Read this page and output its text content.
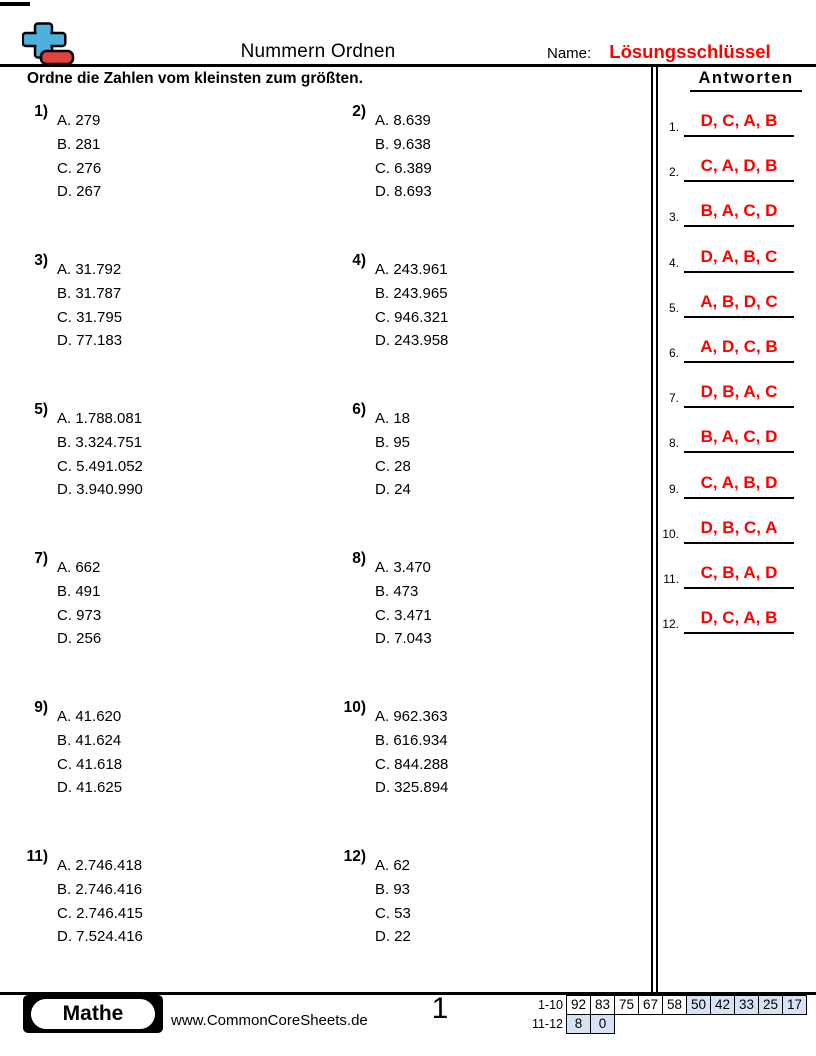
Nummern Ordnen	Name: Lösungsschlüssel
Ordne die Zahlen vom kleinsten zum größten.
1)
A. 279
B. 281
C. 276
D. 267
2)
A. 8.639
B. 9.638
C. 6.389
D. 8.693
3)
A. 31.792
B. 31.787
C. 31.795
D. 77.183
4)
A. 243.961
B. 243.965
C. 946.321
D. 243.958
5)
A. 1.788.081
B. 3.324.751
C. 5.491.052
D. 3.940.990
6)
A. 18
B. 95
C. 28
D. 24
7)
A. 662
B. 491
C. 973
D. 256
8)
A. 3.470
B. 473
C. 3.471
D. 7.043
9)
A. 41.620
B. 41.624
C. 41.618
D. 41.625
10)
A. 962.363
B. 616.934
C. 844.288
D. 325.894
11)
A. 2.746.418
B. 2.746.416
C. 2.746.415
D. 7.524.416
12)
A. 62
B. 93
C. 53
D. 22
Antworten
1.	D, C, A, B
2.	C, A, D, B
3.	B, A, C, D
4.	D, A, B, C
5.	A, B, D, C
6.	A, D, C, B
7.	D, B, A, C
8.	B, A, C, D
9.	C, A, B, D
10.	D, B, C, A
11.	C, B, A, D
12.	D, C, A, B
Mathe	www.CommonCoreSheets.de	1	1-10 92 83 75 67 58 50 42 33 25 17
11-12 8	0
